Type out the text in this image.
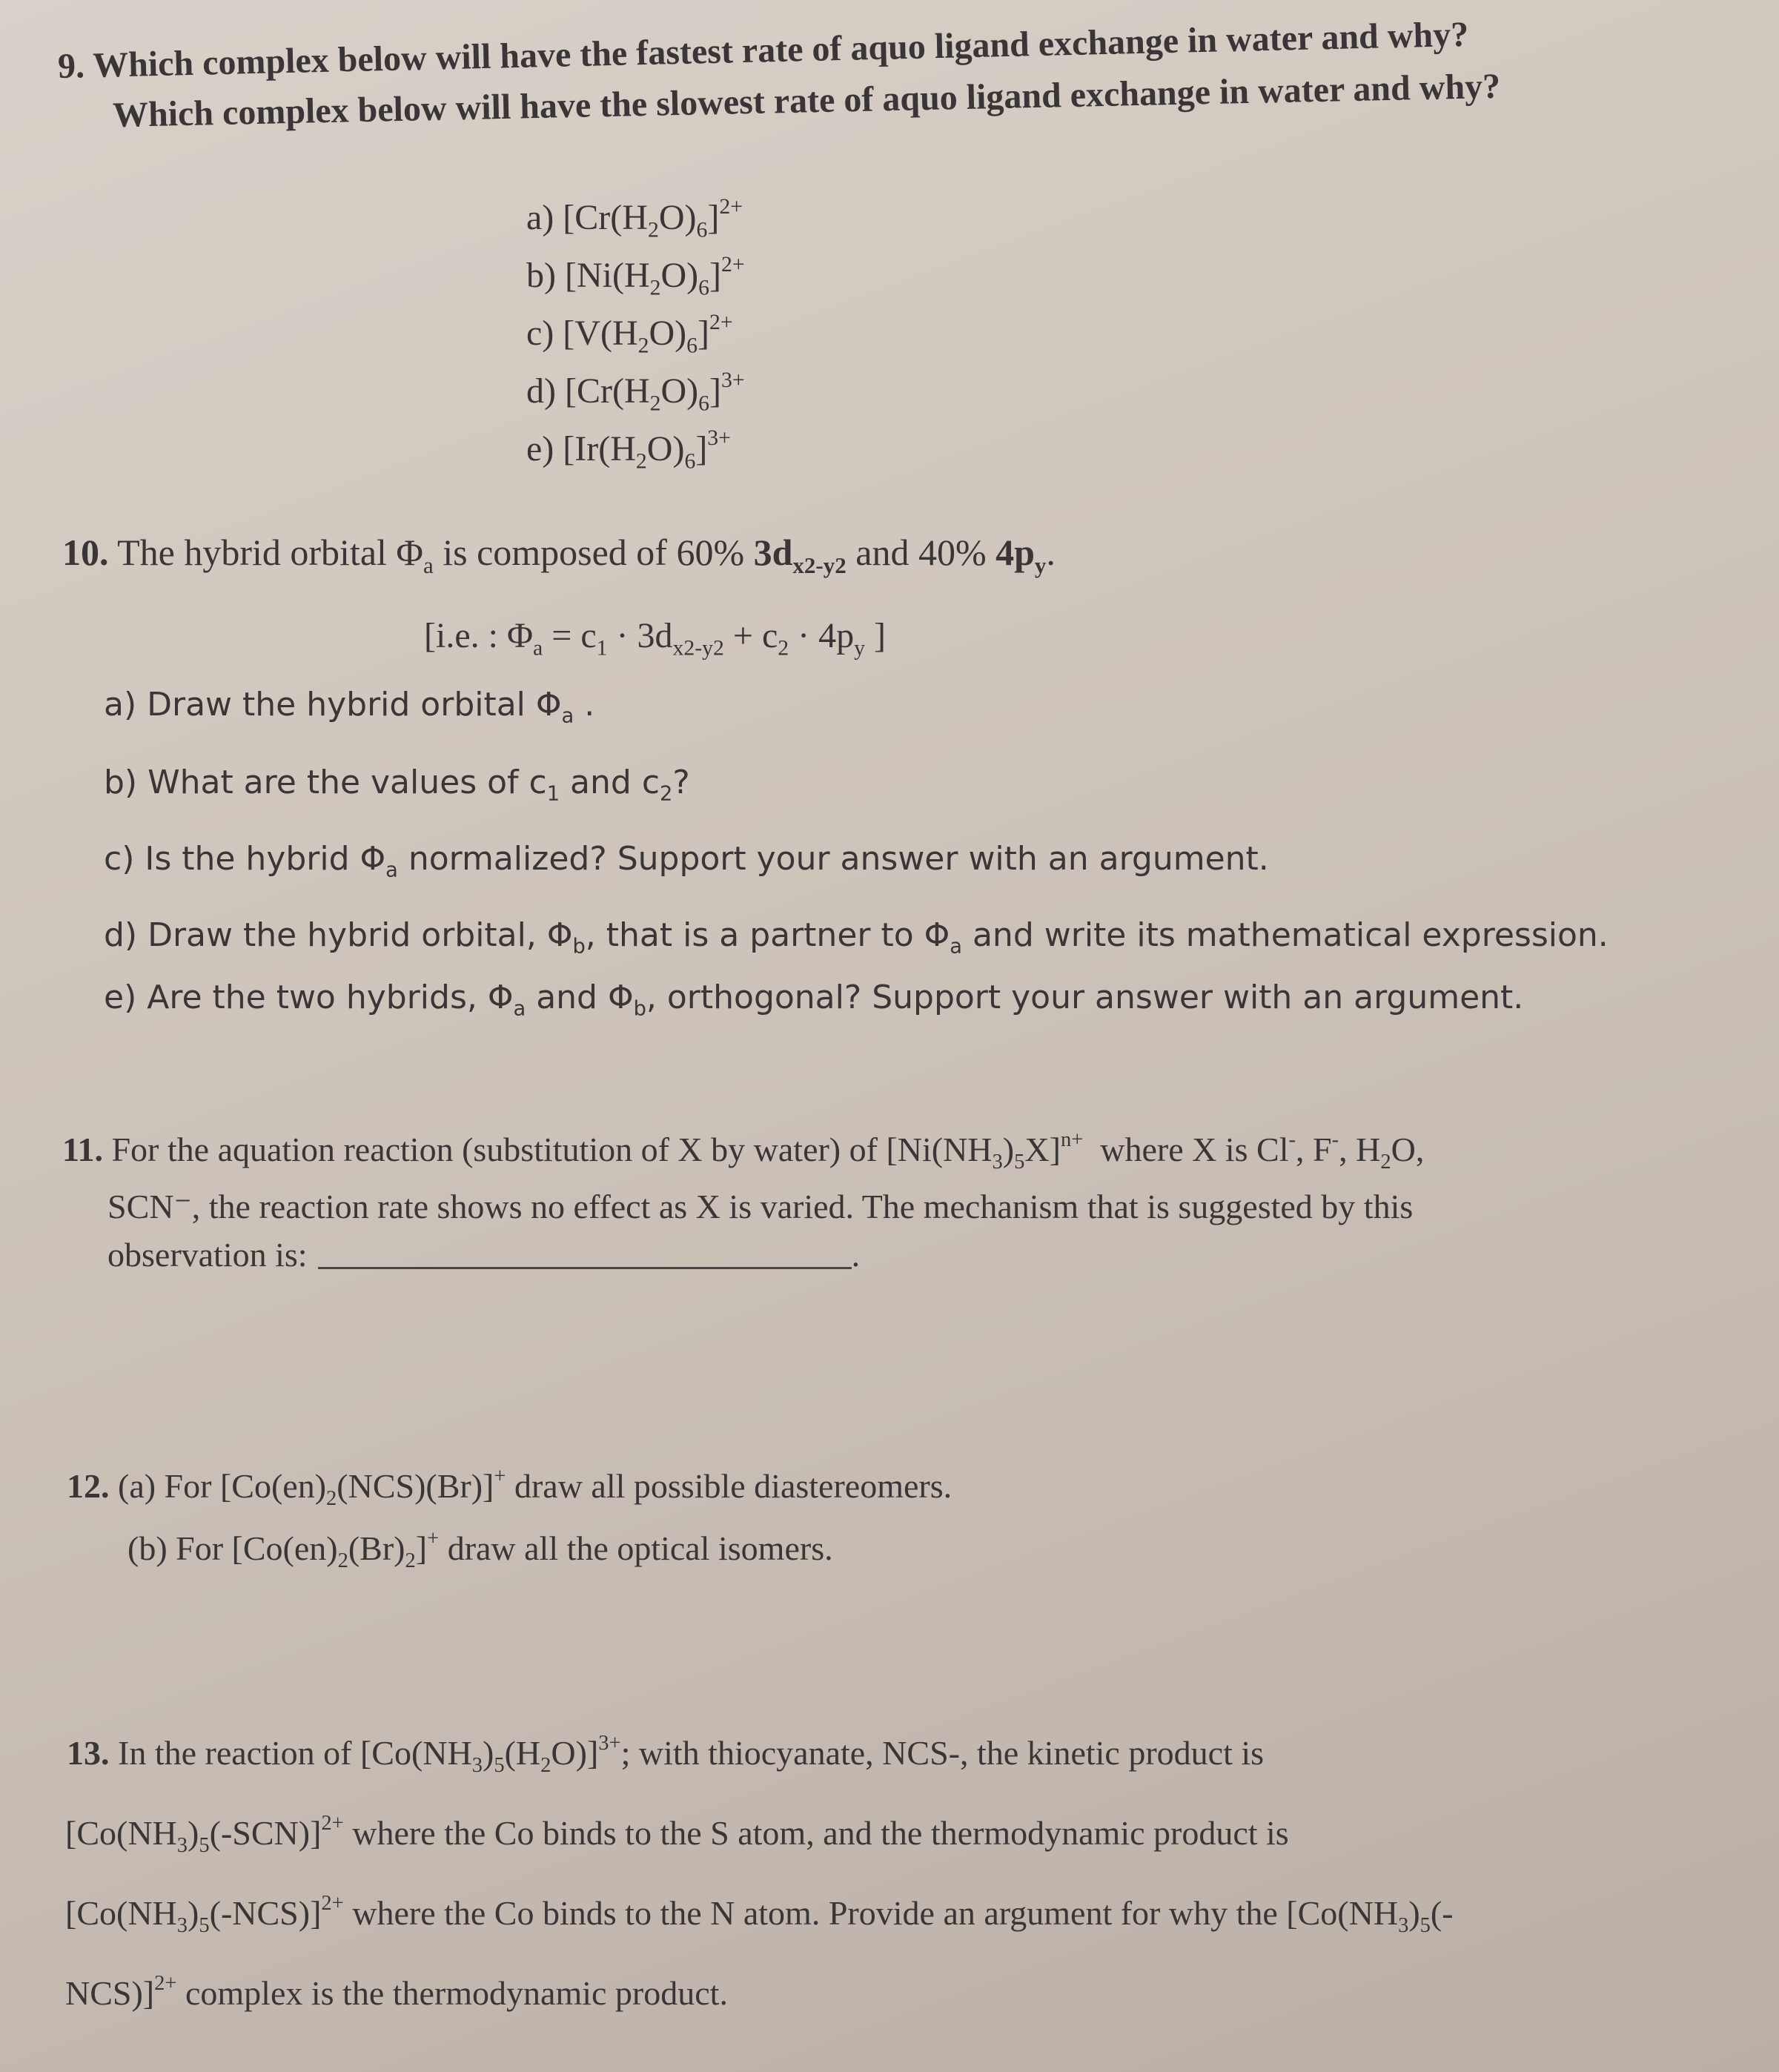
9. Which complex below will have the fastest rate of aquo ligand exchange in water and why?
Which complex below will have the slowest rate of aquo ligand exchange in water and why?
a) $[Cr(H_2O)_6]^{2+}$
b) $[Ni(H_2O)_6]^{2+}$
c) $[V(H_2O)_6]^{2+}$
d) $[Cr(H_2O)_6]^{3+}$
e) $[Ir(H_2O)_6]^{3+}$
10. The hybrid orbital $\Phi_a$ is composed of 60% $3d_{x2-y2}$ and 40% $4p_y$.
[i.e. : $\Phi_a = c_1 \cdot 3d_{x2-y2} + c_2 \cdot 4p_y$ ]
a) Draw the hybrid orbital $\Phi_a$ .
b) What are the values of $c_1$ and $c_2$?
c) Is the hybrid $\Phi_a$ normalized? Support your answer with an argument.
d) Draw the hybrid orbital, $\Phi_b$, that is a partner to $\Phi_a$ and write its mathematical expression.
e) Are the two hybrids, $\Phi_a$ and $\Phi_b$, orthogonal? Support your answer with an argument.
11. For the aquation reaction (substitution of X by water) of $[Ni(NH_3)_5X]^{n+}$ where X is Cl-, F-, $H_2O$,
SCN⁻, the reaction rate shows no effect as X is varied. The mechanism that is suggested by this
observation is:	.
12. (a) For $[Co(en)_2(NCS)(Br)]^+$ draw all possible diastereomers.
(b) For $[Co(en)_2(Br)_2]^+$ draw all the optical isomers.
13. In the reaction of $[Co(NH_3)_5(H_2O)]^{3+}$; with thiocyanate, NCS-, the kinetic product is
$[Co(NH_3)_5(-SCN)]^{2+}$ where the Co binds to the S atom, and the thermodynamic product is
$[Co(NH_3)_5(-NCS)]^{2+}$ where the Co binds to the N atom. Provide an argument for why the [$Co(NH_3)_5(-$
NCS)]$^{2+}$ complex is the thermodynamic product.
